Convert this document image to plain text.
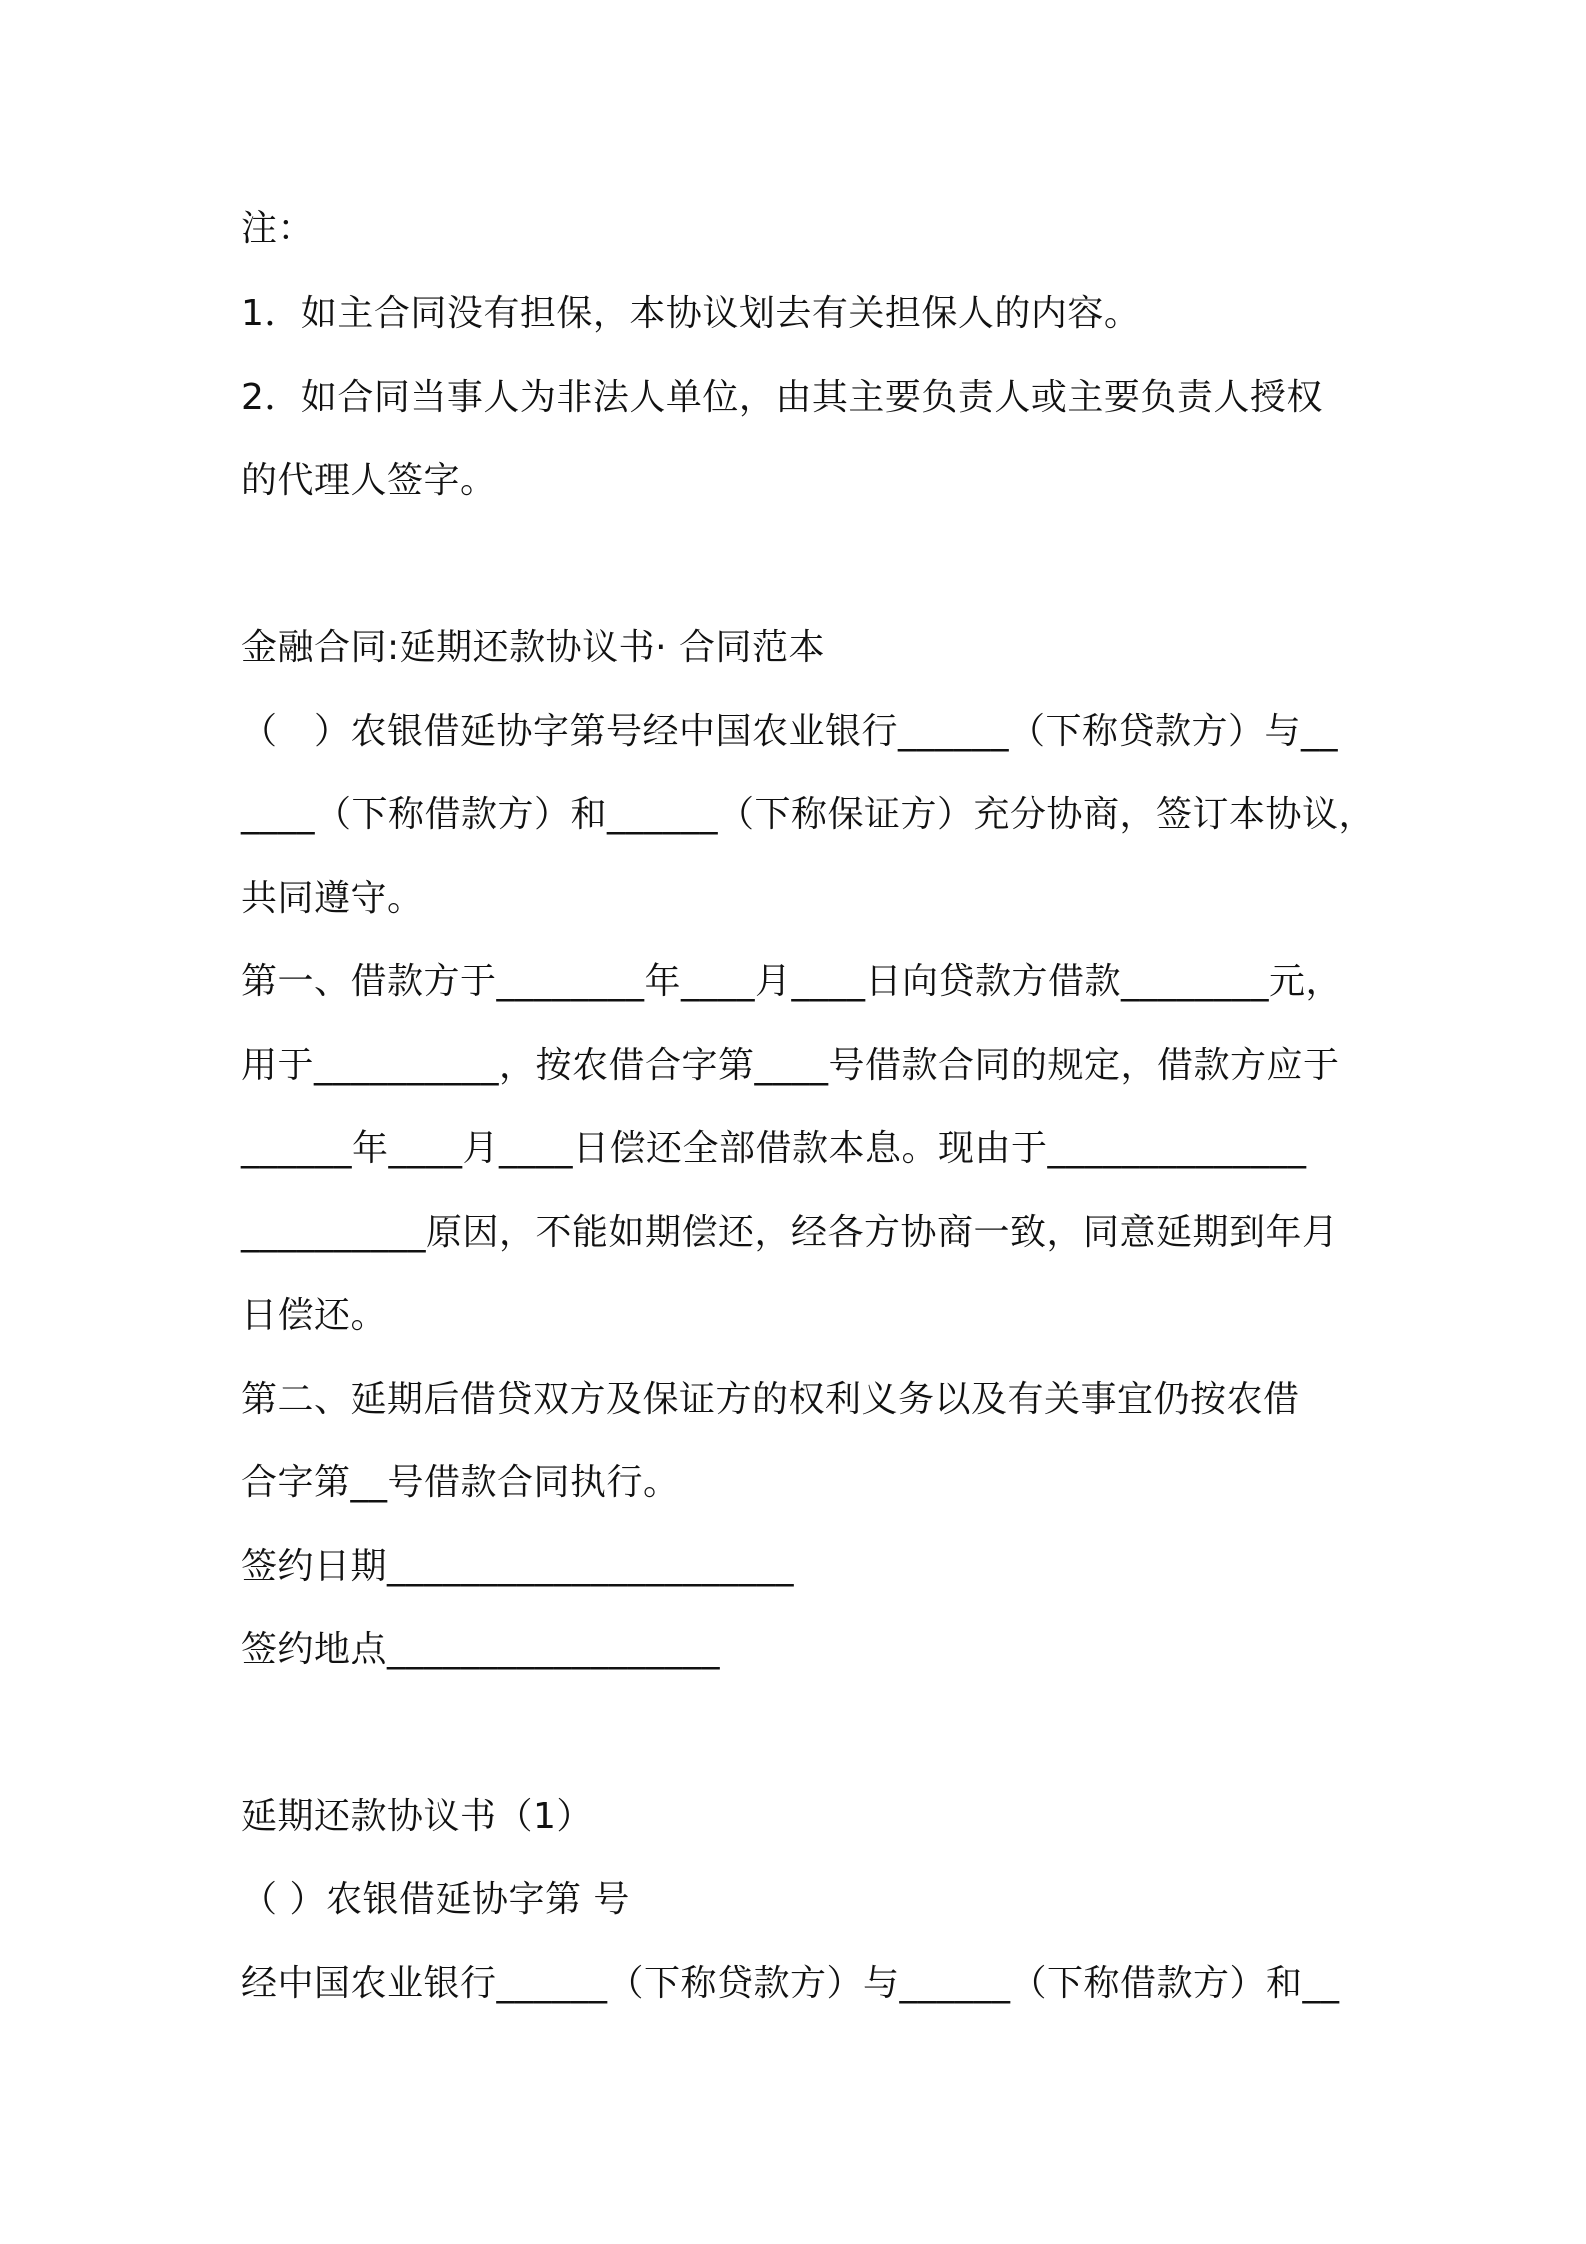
注：
1．如主合同没有担保，本协议划去有关担保人的内容。
2．如合同当事人为非法人单位，由其主要负责人或主要负责人授权
的代理人签字。
金融合同:延期还款协议书· 合同范本
（　）农银借延协字第号经中国农业银行______（下称贷款方）与__
____（下称借款方）和______（下称保证方）充分协商，签订本协议，
共同遵守。
第一、借款方于________年____月____日向贷款方借款________元，
用于__________，按农借合字第____号借款合同的规定，借款方应于
______年____月____日偿还全部借款本息。现由于______________
__________原因，不能如期偿还，经各方协商一致，同意延期到年月
日偿还。
第二、延期后借贷双方及保证方的权利义务以及有关事宜仍按农借
合字第__号借款合同执行。
签约日期______________________
签约地点__________________
延期还款协议书（1）
（ ）农银借延协字第 号
经中国农业银行______（下称贷款方）与______（下称借款方）和__
